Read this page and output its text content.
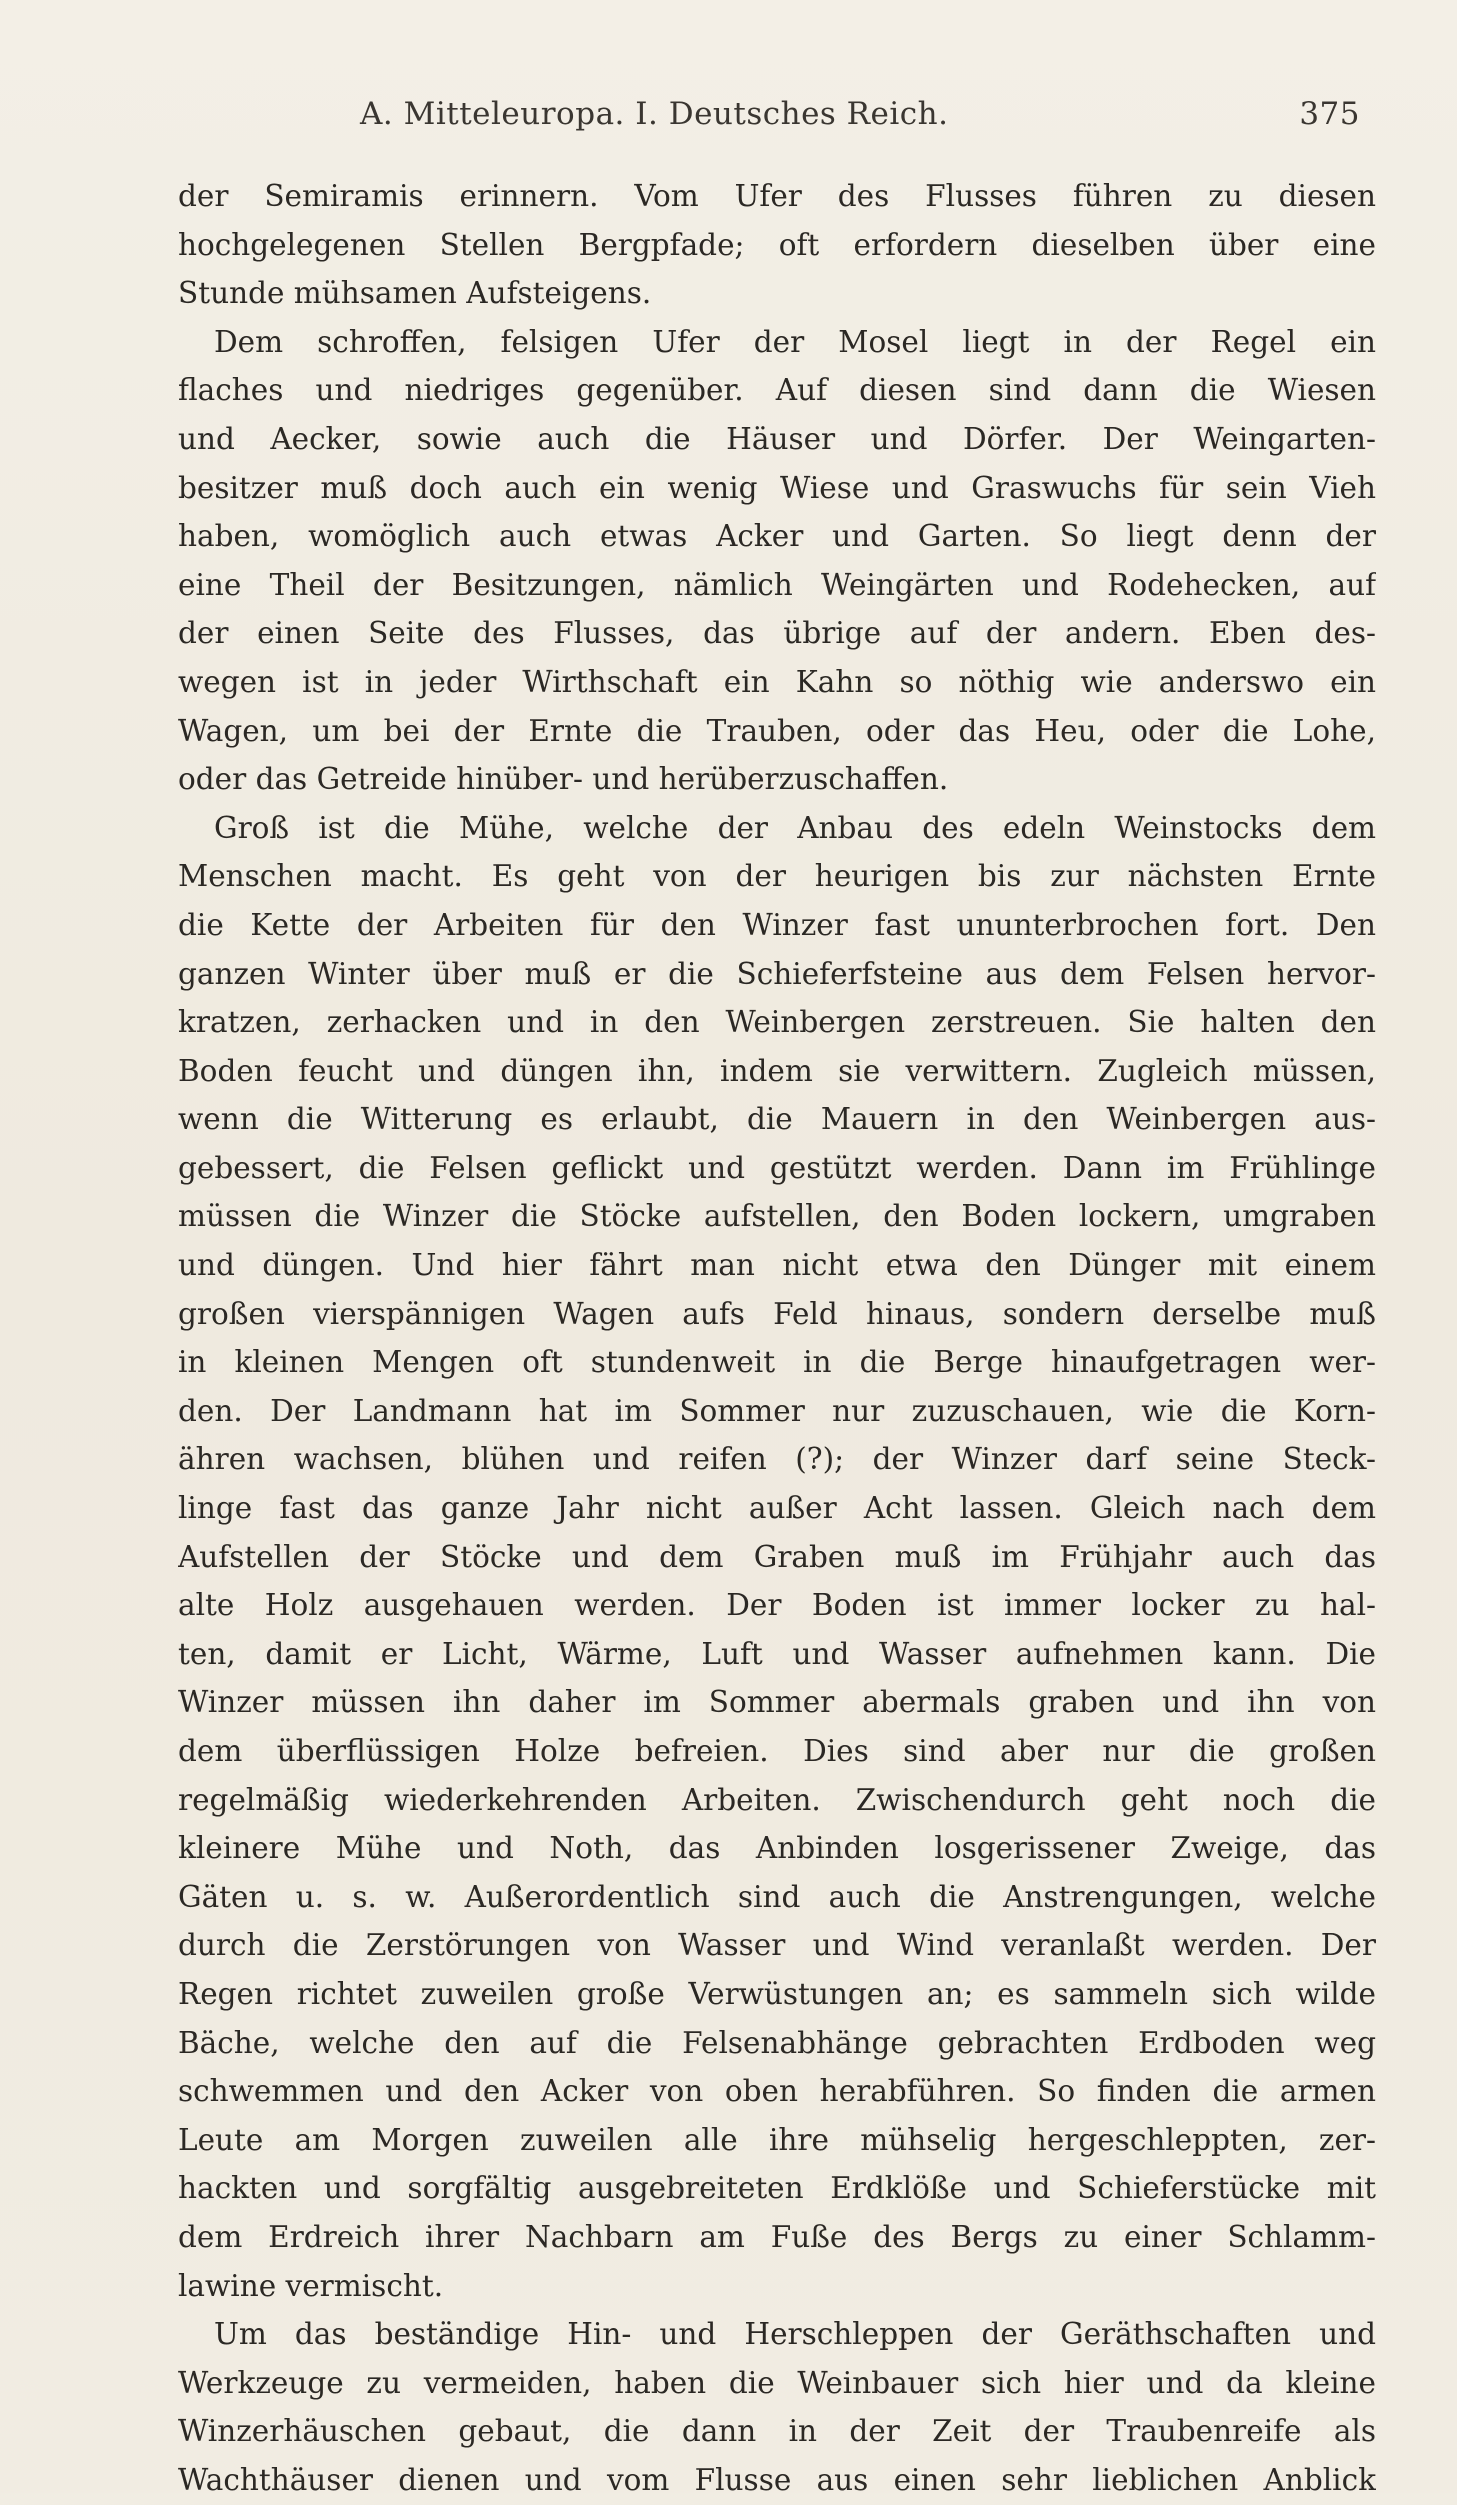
A. Mitteleuropa. I. Deutsches Reich.	375
der Semiramis erinnern. Vom Ufer des Flusses führen zu diesen
hochgelegenen Stellen Bergpfade; oft erfordern dieselben über eine
Stunde mühsamen Aufsteigens.
Dem schroffen, felsigen Ufer der Mosel liegt in der Regel ein
flaches und niedriges gegenüber. Auf diesen sind dann die Wiesen
und Aecker, sowie auch die Häuser und Dörfer. Der Weingarten-
besitzer muß doch auch ein wenig Wiese und Graswuchs für sein Vieh
haben, womöglich auch etwas Acker und Garten. So liegt denn der
eine Theil der Besitzungen, nämlich Weingärten und Rodehecken, auf
der einen Seite des Flusses, das übrige auf der andern. Eben des-
wegen ist in jeder Wirthschaft ein Kahn so nöthig wie anderswo ein
Wagen, um bei der Ernte die Trauben, oder das Heu, oder die Lohe,
oder das Getreide hinüber- und herüberzuschaffen.
Groß ist die Mühe, welche der Anbau des edeln Weinstocks dem
Menschen macht. Es geht von der heurigen bis zur nächsten Ernte
die Kette der Arbeiten für den Winzer fast ununterbrochen fort. Den
ganzen Winter über muß er die Schieferfsteine aus dem Felsen hervor-
kratzen, zerhacken und in den Weinbergen zerstreuen. Sie halten den
Boden feucht und düngen ihn, indem sie verwittern. Zugleich müssen,
wenn die Witterung es erlaubt, die Mauern in den Weinbergen aus-
gebessert, die Felsen geflickt und gestützt werden. Dann im Frühlinge
müssen die Winzer die Stöcke aufstellen, den Boden lockern, umgraben
und düngen. Und hier fährt man nicht etwa den Dünger mit einem
großen vierspännigen Wagen aufs Feld hinaus, sondern derselbe muß
in kleinen Mengen oft stundenweit in die Berge hinaufgetragen wer-
den. Der Landmann hat im Sommer nur zuzuschauen, wie die Korn-
ähren wachsen, blühen und reifen (?); der Winzer darf seine Steck-
linge fast das ganze Jahr nicht außer Acht lassen. Gleich nach dem
Aufstellen der Stöcke und dem Graben muß im Frühjahr auch das
alte Holz ausgehauen werden. Der Boden ist immer locker zu hal-
ten, damit er Licht, Wärme, Luft und Wasser aufnehmen kann. Die
Winzer müssen ihn daher im Sommer abermals graben und ihn von
dem überflüssigen Holze befreien. Dies sind aber nur die großen
regelmäßig wiederkehrenden Arbeiten. Zwischendurch geht noch die
kleinere Mühe und Noth, das Anbinden losgerissener Zweige, das
Gäten u. s. w. Außerordentlich sind auch die Anstrengungen, welche
durch die Zerstörungen von Wasser und Wind veranlaßt werden. Der
Regen richtet zuweilen große Verwüstungen an; es sammeln sich wilde
Bäche, welche den auf die Felsenabhänge gebrachten Erdboden weg
schwemmen und den Acker von oben herabführen. So finden die armen
Leute am Morgen zuweilen alle ihre mühselig hergeschleppten, zer-
hackten und sorgfältig ausgebreiteten Erdklöße und Schieferstücke mit
dem Erdreich ihrer Nachbarn am Fuße des Bergs zu einer Schlamm-
lawine vermischt.
Um das beständige Hin- und Herschleppen der Geräthschaften und
Werkzeuge zu vermeiden, haben die Weinbauer sich hier und da kleine
Winzerhäuschen gebaut, die dann in der Zeit der Traubenreife als
Wachthäuser dienen und vom Flusse aus einen sehr lieblichen Anblick
